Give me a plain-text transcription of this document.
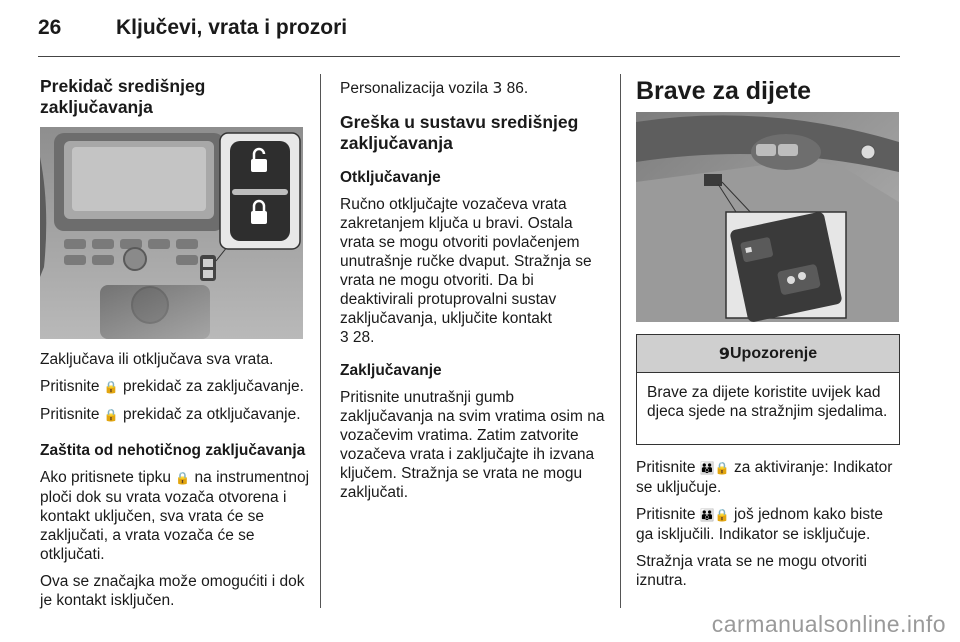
26	Ključevi, vrata i prozori
Prekidač središnjeg zaključavanja

Zaključava ili otključava sva vrata.

Pritisnite 🔒 prekidač za zaključavanje.

Pritisnite 🔒 prekidač za otključavanje.

Zaštita od nehotičnog zaključavanja

Ako pritisnete tipku 🔒 na instrumentnoj ploči dok su vrata vozača otvorena i kontakt uključen, sva vrata će se zaključati, a vrata vozača će se otključati.

Ova se značajka može omogućiti i dok je kontakt isključen.

Personalizacija vozila 3 86.

Greška u sustavu središnjeg zaključavanja

Otključavanje

Ručno otključajte vozačeva vrata zakretanjem ključa u bravi. Ostala vrata se mogu otvoriti povlačenjem unutrašnje ručke dvaput. Stražnja se vrata ne mogu otvoriti. Da bi deaktivirali protuprovalni sustav zaključavanja, uključite kontakt
3 28.

Zaključavanje

Pritisnite unutrašnji gumb zaključavanja na svim vratima osim na vozačevim vratima. Zatim zatvorite vozačeva vrata i zaključajte ih izvana ključem. Stražnja se vrata ne mogu zaključati.

Brave za dijete
9 Upozorenje
Brave za dijete koristite uvijek kad djeca sjede na stražnjim sjedalima.

Pritisnite 👪🔒 za aktiviranje: Indikator se uključuje.

Pritisnite 👪🔒 još jednom kako biste ga isključili. Indikator se isključuje.

Stražnja vrata se ne mogu otvoriti iznutra.

carmanualsonline.info
